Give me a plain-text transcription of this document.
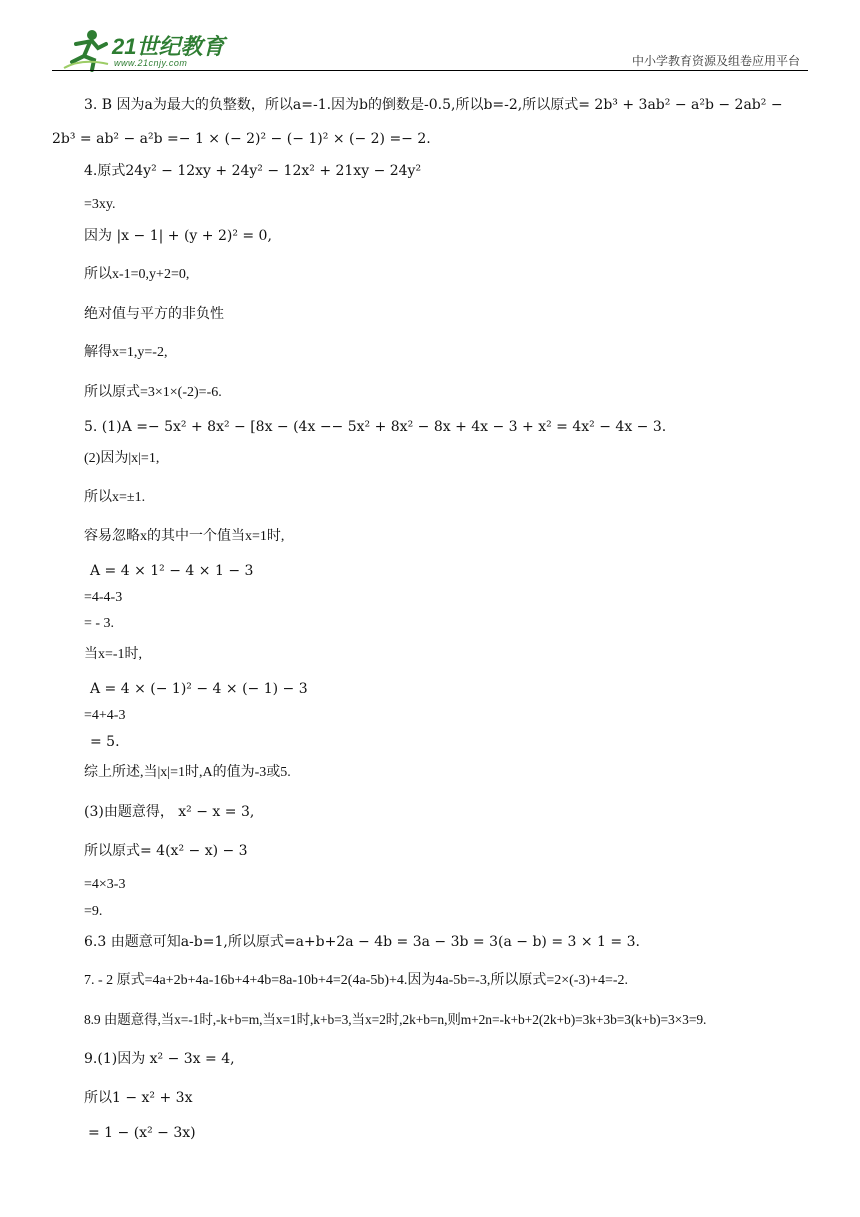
21世纪教育
www.21cnjy.com	中小学教育资源及组卷应用平台
3. B 因为a为最大的负整数，所以a=-1.因为b的倒数是-0.5,所以b=-2,所以原式= 2b³ + 3ab² − a²b − 2ab² −
2b³ = ab² − a²b =− 1 × (− 2)² − (− 1)² × (− 2) =− 2.
4.原式24y² − 12xy + 24y² − 12x² + 21xy − 24y²
=3xy.
因为 |x − 1| + (y + 2)² = 0,
所以x-1=0,y+2=0,
绝对值与平方的非负性
解得x=1,y=-2,
所以原式=3×1×(-2)=-6.
5. (1)A =− 5x² + 8x² − [8x − (4x −− 5x² + 8x² − 8x + 4x − 3 + x² = 4x² − 4x − 3.
(2)因为|x|=1,
所以x=±1.
容易忽略x的其中一个值当x=1时,
A = 4 × 1² − 4 × 1 − 3
=4-4-3
= - 3.
当x=-1时,
A = 4 × (− 1)² − 4 × (− 1) − 3
=4+4-3
= 5.
综上所述,当|x|=1时,A的值为-3或5.
(3)由题意得， x² − x = 3,
所以原式= 4(x² − x) − 3
=4×3-3
=9.
6.3 由题意可知a-b=1,所以原式=a+b+2a − 4b = 3a − 3b = 3(a − b) = 3 × 1 = 3.
7. - 2 原式=4a+2b+4a-16b+4+4b=8a-10b+4=2(4a-5b)+4.因为4a-5b=-3,所以原式=2×(-3)+4=-2.
8.9 由题意得,当x=-1时,-k+b=m,当x=1时,k+b=3,当x=2时,2k+b=n,则m+2n=-k+b+2(2k+b)=3k+3b=3(k+b)=3×3=9.
9.(1)因为 x² − 3x = 4,
所以1 − x² + 3x
= 1 − (x² − 3x)
